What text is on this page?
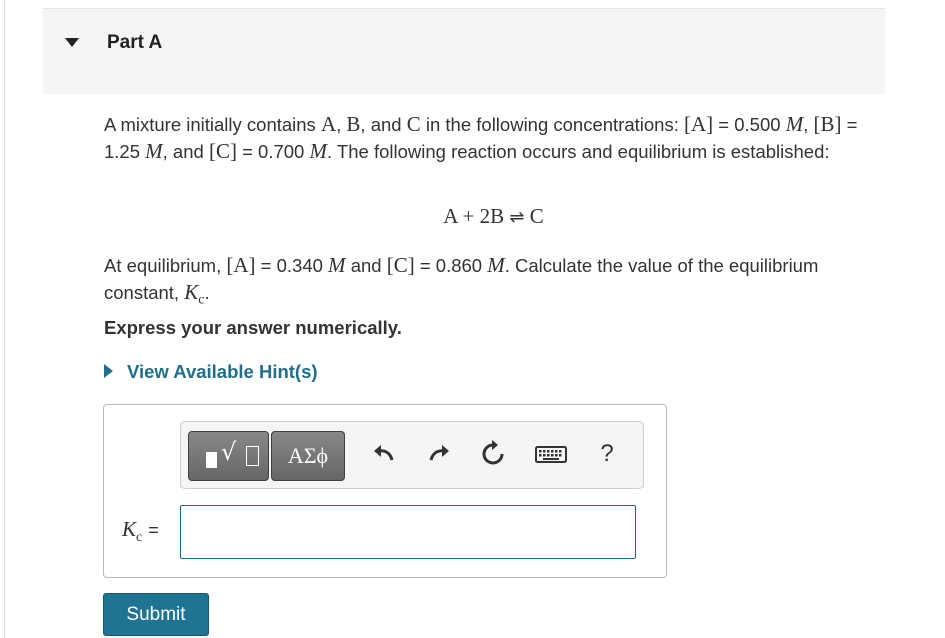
Part A
A mixture initially contains A, B, and C in the following concentrations: [A] = 0.500 M, [B] = 1.25 M, and [C] = 0.700 M. The following reaction occurs and equilibrium is established:
A + 2B ⇌ C
At equilibrium, [A] = 0.340 M and [C] = 0.860 M. Calculate the value of the equilibrium constant, $K_c$.
Express your answer numerically.
View Available Hint(s)
√	ΑΣϕ	?
$K_c$ =
Submit
